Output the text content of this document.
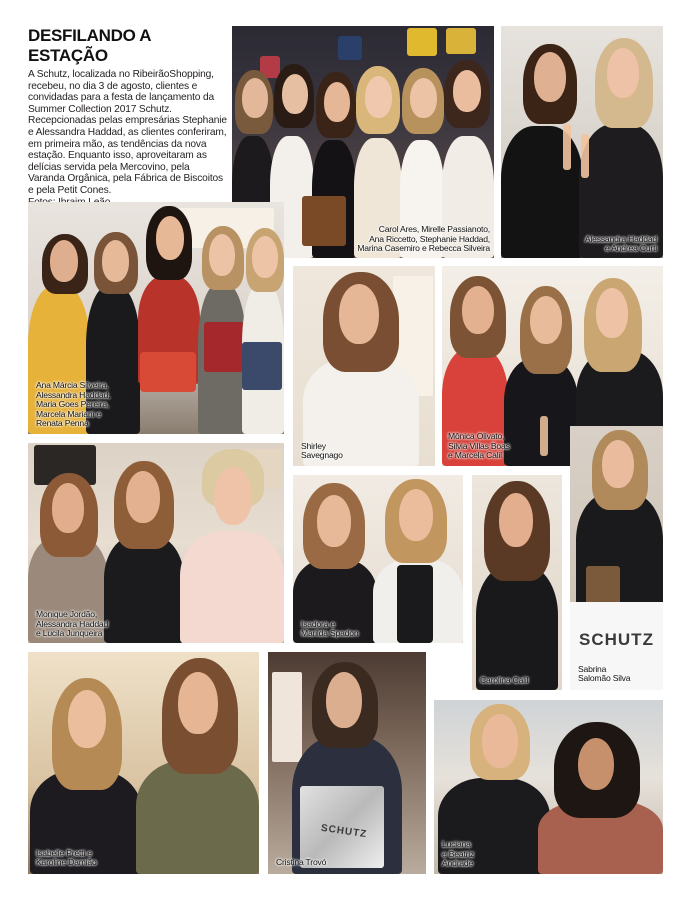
DESFILANDO A ESTAÇÃO

A Schutz, localizada no RibeirãoShopping, recebeu, no dia 3 de agosto, clientes e convidadas para a festa de lançamento da Summer Collection 2017 Schutz. Recepcionadas pelas empresárias Stephanie e Alessandra Haddad, as clientes conferiram, em primeira mão, as tendências da nova estação. Enquanto isso, aproveitaram as delícias servida pela Mercovino, pela Varanda Orgânica, pela Fábrica de Biscoitos e pela Petit Cones.

Carol Ares, Mirelle Passianoto,
Ana Riccetto, Stephanie Haddad,
Marina Casemiro e Rebecca Silveira
Alessandra Haddad
e Andrea Curti
Ana Márcia Silveira,
Alessandra Haddad,
Maria Goes Pereira,
Marcela Mariani e
Renata Penna
Shirley
Savegnago
Mônica Olivato,
Silvia Villas Boas
e Marcela Calil
Monique Jordão,
Alessandra Haddad
e Lucila Junqueira
Isadora e
Marilda Spadon
Carolina Calil
SCHUTZ
Sabrina
Salomão Silva
Isabelle Pretti e
Karoline Damião
SCHUTZ
Cristina Trovó
Luciana
e Beatriz
Andrade
